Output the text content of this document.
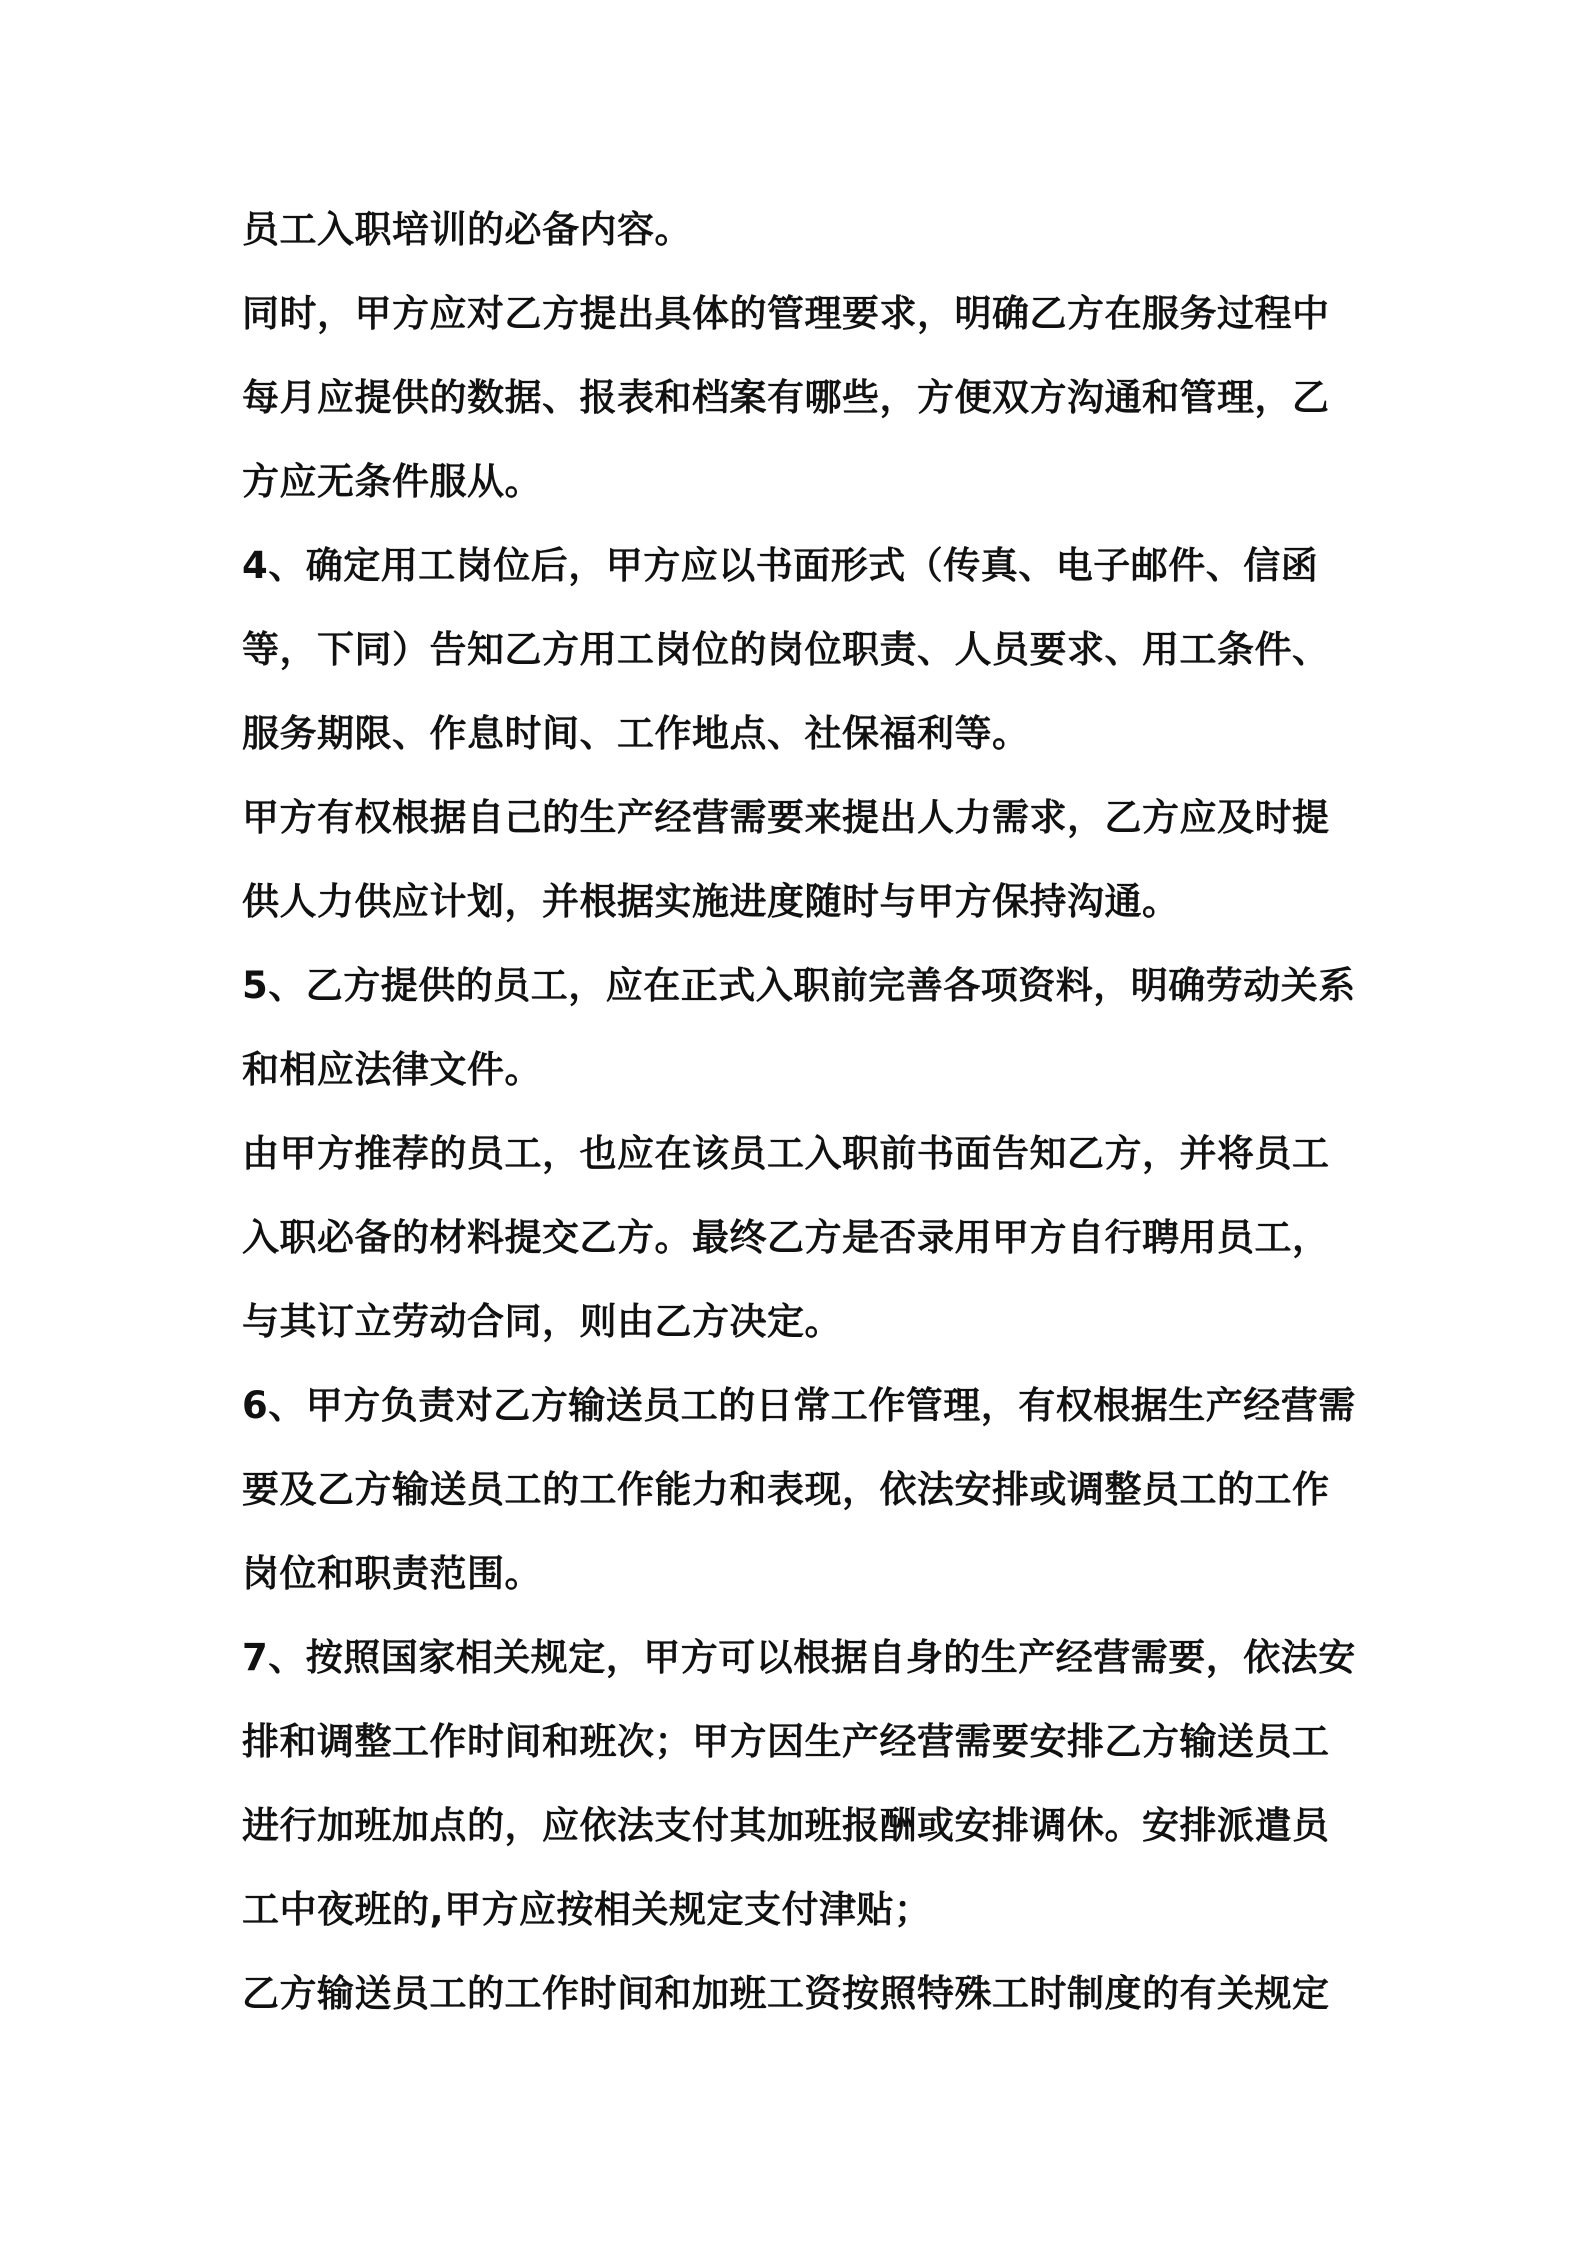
员工入职培训的必备内容。

同时，甲方应对乙方提出具体的管理要求，明确乙方在服务过程中每月应提供的数据、报表和档案有哪些，方便双方沟通和管理，乙方应无条件服从。

4、确定用工岗位后，甲方应以书面形式（传真、电子邮件、信函等，下同）告知乙方用工岗位的岗位职责、人员要求、用工条件、服务期限、作息时间、工作地点、社保福利等。

甲方有权根据自己的生产经营需要来提出人力需求，乙方应及时提供人力供应计划，并根据实施进度随时与甲方保持沟通。

5、乙方提供的员工，应在正式入职前完善各项资料，明确劳动关系和相应法律文件。

由甲方推荐的员工，也应在该员工入职前书面告知乙方，并将员工入职必备的材料提交乙方。最终乙方是否录用甲方自行聘用员工，与其订立劳动合同，则由乙方决定。

6、甲方负责对乙方输送员工的日常工作管理，有权根据生产经营需要及乙方输送员工的工作能力和表现，依法安排或调整员工的工作岗位和职责范围。

7、按照国家相关规定，甲方可以根据自身的生产经营需要，依法安排和调整工作时间和班次；甲方因生产经营需要安排乙方输送员工进行加班加点的，应依法支付其加班报酬或安排调休。安排派遣员工中夜班的,甲方应按相关规定支付津贴；

乙方输送员工的工作时间和加班工资按照特殊工时制度的有关规定
